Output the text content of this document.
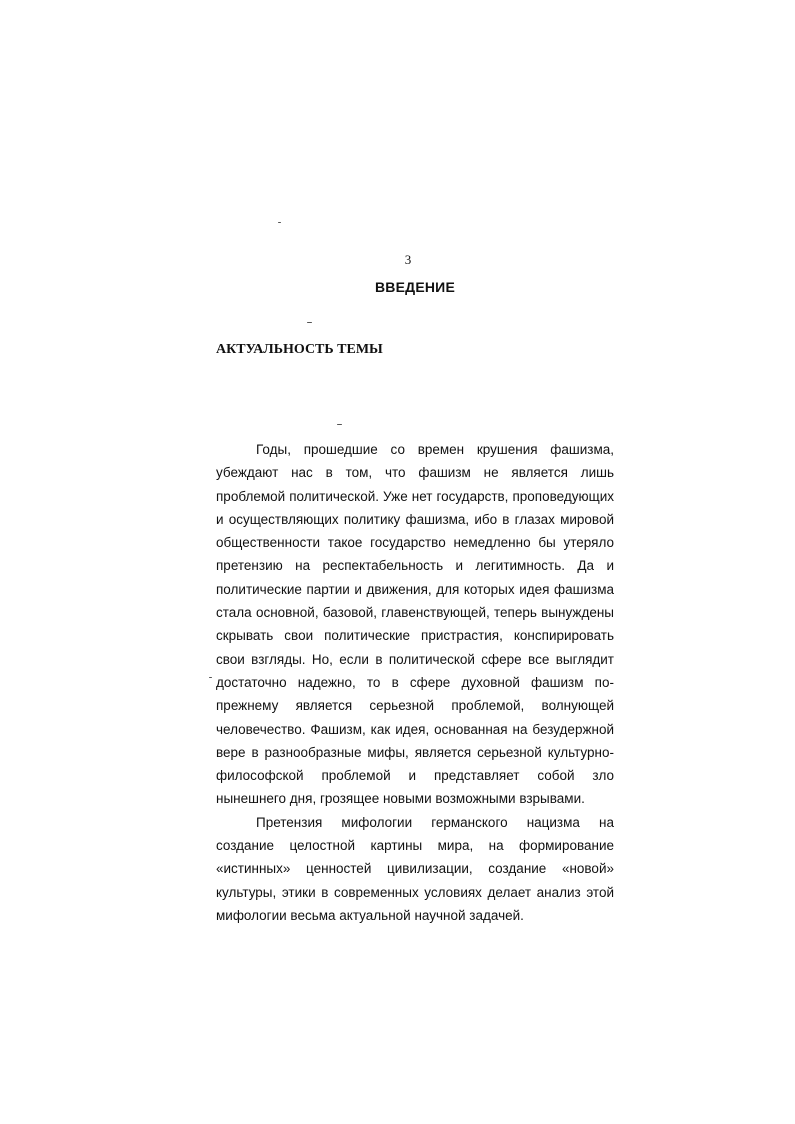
3
ВВЕДЕНИЕ
АКТУАЛЬНОСТЬ ТЕМЫ

Годы, прошедшие со времен крушения фашизма, убеждают нас в том, что фашизм не является лишь проблемой политической. Уже нет государств, проповедующих и осуществляющих политику фашизма, ибо в глазах мировой общественности такое государство немедленно бы утеряло претензию на респектабельность и легитимность. Да и политические партии и движения, для которых идея фашизма стала основной, базовой, главенствующей, теперь вынуждены скрывать свои политические пристрастия, конспирировать свои взгляды. Но, если в политической сфере все выглядит достаточно надежно, то в сфере духовной фашизм по-прежнему является серьезной проблемой, волнующей человечество. Фашизм, как идея, основанная на безудержной вере в разнообразные мифы, является серьезной культурно-философской проблемой и представляет собой зло нынешнего дня, грозящее новыми возможными взрывами.

Претензия мифологии германского нацизма на создание целостной картины мира, на формирование «истинных» ценностей цивилизации, создание «новой» культуры, этики в современных условиях делает анализ этой мифологии весьма актуальной научной задачей.
